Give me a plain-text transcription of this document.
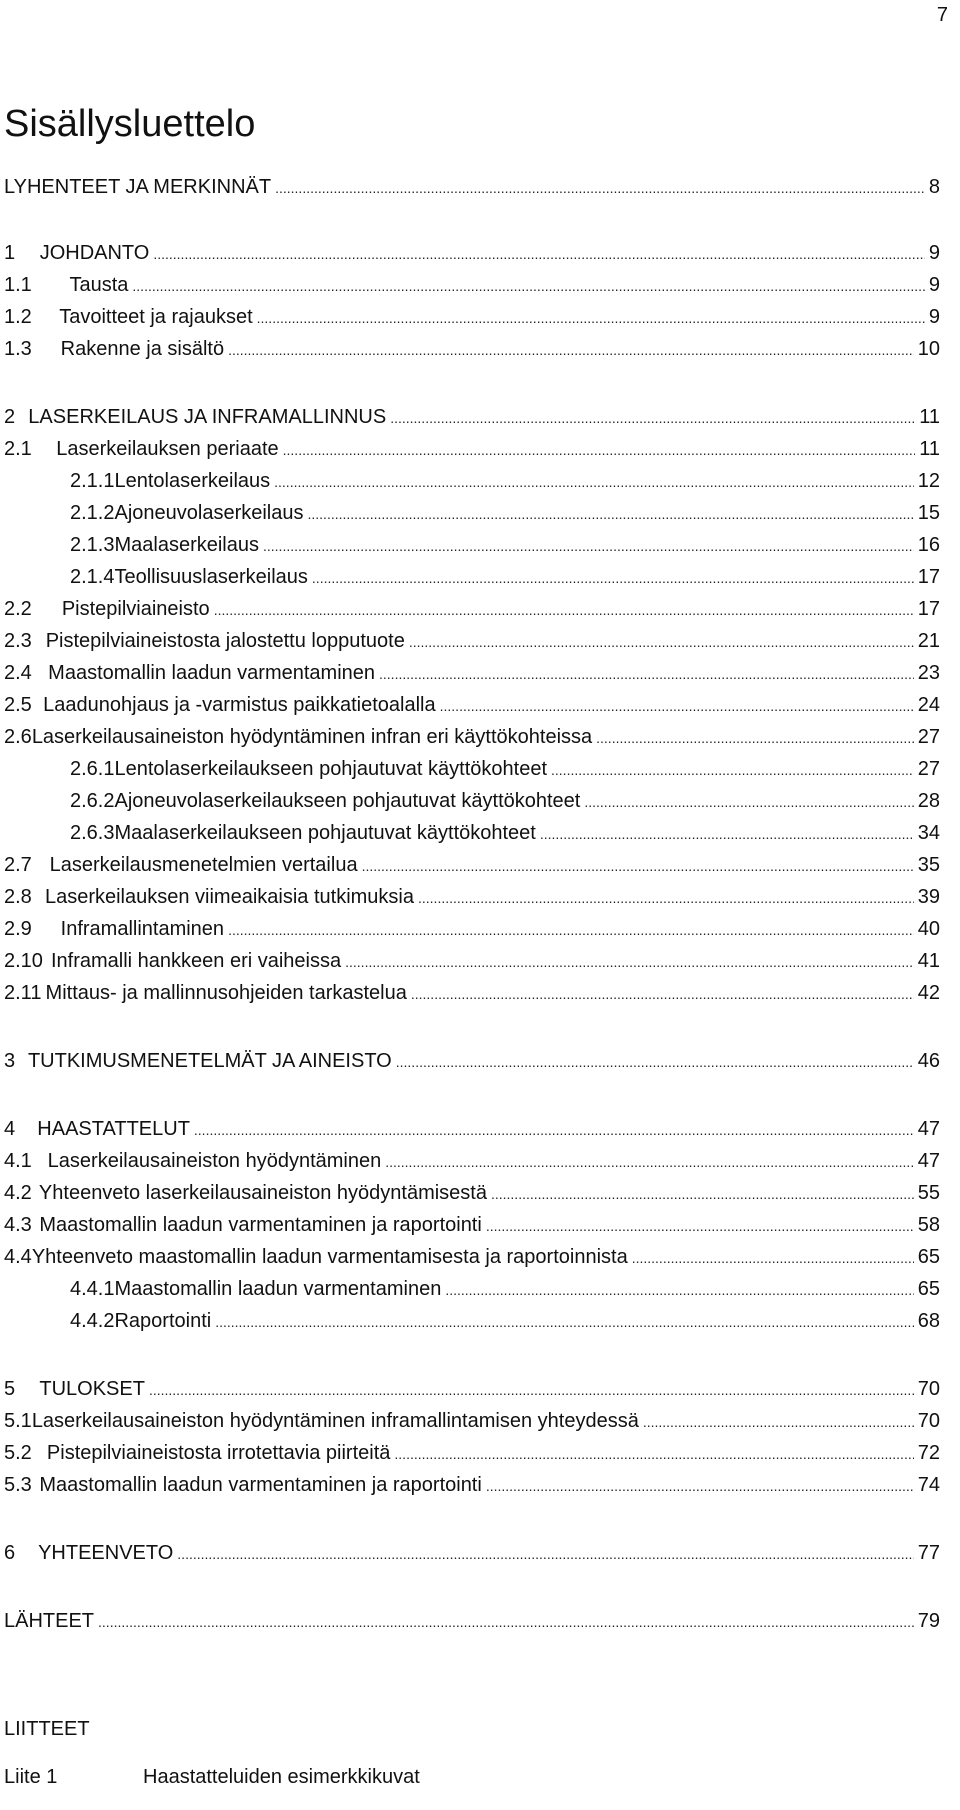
7
Sisällysluettelo
LYHENTEET JA MERKINNÄT .....	8
1	JOHDANTO .....	9
1.1	Tausta .....	9
1.2	Tavoitteet ja rajaukset .....	9
1.3	Rakenne ja sisältö .....	10
2 LASERKEILAUS JA INFRAMALLINNUS .....	11
2.1	Laserkeilauksen periaate .....	11
2.1.1 Lentolaserkeilaus .....	12
2.1.2 Ajoneuvolaserkeilaus .....	15
2.1.3 Maalaserkeilaus .....	16
2.1.4 Teollisuuslaserkeilaus .....	17
2.2	Pistepilviaineisto .....	17
2.3 Pistepilviaineistosta jalostettu lopputuote .....	21
2.4 Maastomallin laadun varmentaminen .....	23
2.5 Laadunohjaus ja -varmistus paikkatietoalalla .....	24
2.6 Laserkeilausaineiston hyödyntäminen infran eri käyttökohteissa .....	27
2.6.1 Lentolaserkeilaukseen pohjautuvat käyttökohteet .....	27
2.6.2 Ajoneuvolaserkeilaukseen pohjautuvat käyttökohteet .....	28
2.6.3 Maalaserkeilaukseen pohjautuvat käyttökohteet .....	34
2.7 Laserkeilausmenetelmien vertailua .....	35
2.8 Laserkeilauksen viimeaikaisia tutkimuksia .....	39
2.9	Inframallintaminen .....	40
2.10 Inframalli hankkeen eri vaiheissa .....	41
2.11 Mittaus- ja mallinnusohjeiden tarkastelua .....	42
3 TUTKIMUSMENETELMÄT JA AINEISTO .....	46
4	HAASTATTELUT .....	47
4.1 Laserkeilausaineiston hyödyntäminen .....	47
4.2 Yhteenveto laserkeilausaineiston hyödyntämisestä .....	55
4.3 Maastomallin laadun varmentaminen ja raportointi .....	58
4.4 Yhteenveto maastomallin laadun varmentamisesta ja raportoinnista .....	65
4.4.1 Maastomallin laadun varmentaminen .....	65
4.4.2 Raportointi .....	68
5	TULOKSET .....	70
5.1 Laserkeilausaineiston hyödyntäminen inframallintamisen yhteydessä .....	70
5.2 Pistepilviaineistosta irrotettavia piirteitä .....	72
5.3 Maastomallin laadun varmentaminen ja raportointi .....	74
6	YHTEENVETO .....	77
LÄHTEET .....	79
LIITTEET
Liite 1	Haastatteluiden esimerkkikuvat
